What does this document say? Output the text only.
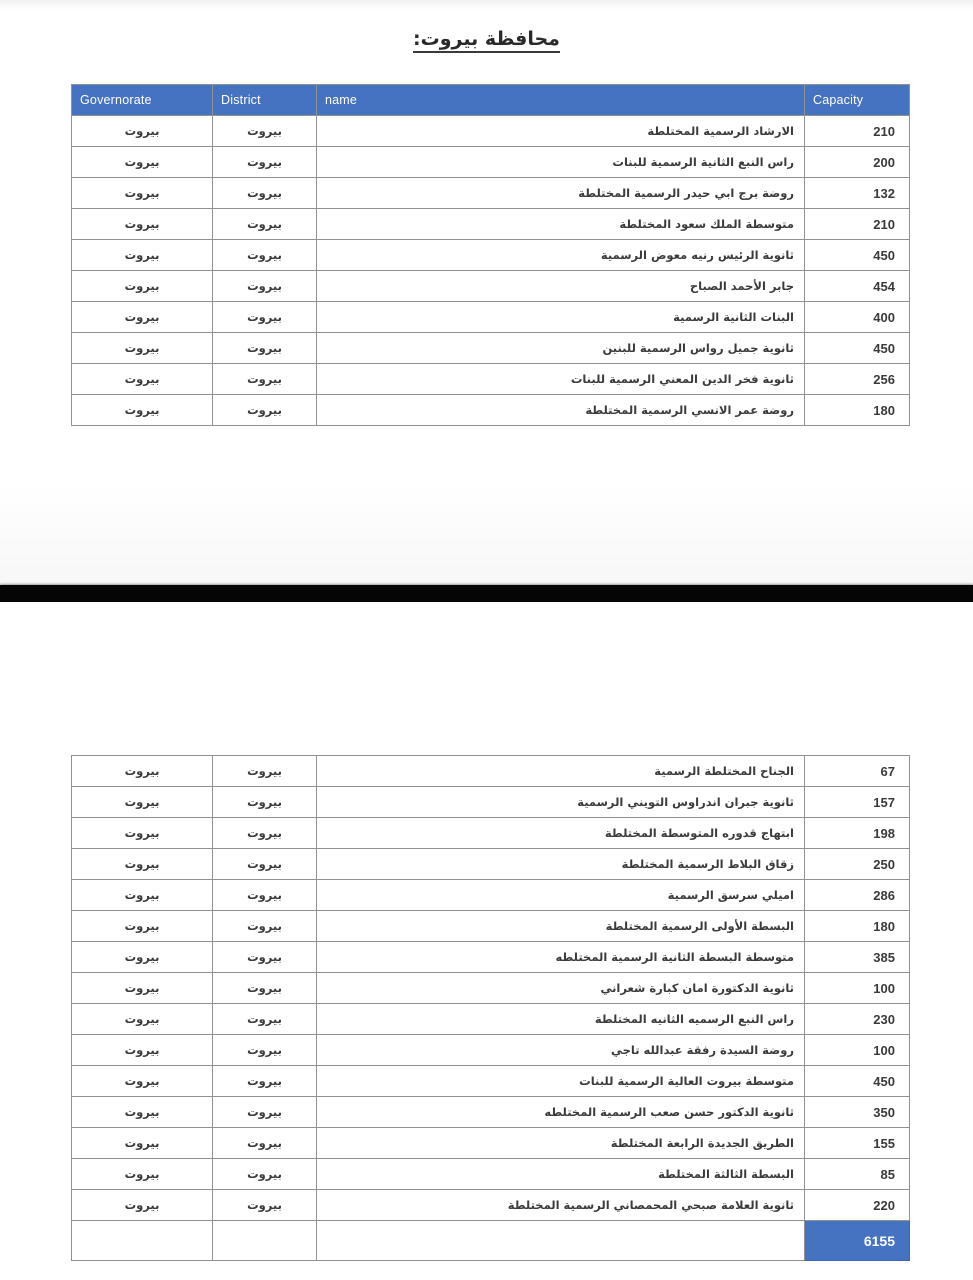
محافظة بيروت:
Governorate	District	name	Capacity
بيروت	بيروت	الارشاد الرسمية المختلطة	210
بيروت	بيروت	راس النبع الثانية الرسمية للبنات	200
بيروت	بيروت	روضة برج ابي حيدر الرسمية المختلطة	132
بيروت	بيروت	متوسطة الملك سعود المختلطة	210
بيروت	بيروت	ثانوية الرئيس رنيه معوض الرسمية	450
بيروت	بيروت	جابر الأحمد الصباح	454
بيروت	بيروت	البنات الثانية الرسمية	400
بيروت	بيروت	ثانوية جميل رواس الرسمية للبنين	450
بيروت	بيروت	ثانوية فخر الدين المعني الرسمية للبنات	256
بيروت	بيروت	روضة عمر الانسي الرسمية المختلطة	180
بيروت	بيروت	الجناح المختلطة الرسمية	67
بيروت	بيروت	ثانوية جبران اندراوس التويني الرسمية	157
بيروت	بيروت	ابتهاج قدوره المتوسطة المختلطة	198
بيروت	بيروت	زقاق البلاط الرسمية المختلطة	250
بيروت	بيروت	اميلي سرسق الرسمية	286
بيروت	بيروت	البسطة الأولى الرسمية المختلطة	180
بيروت	بيروت	متوسطة البسطة الثانية الرسمية المختلطه	385
بيروت	بيروت	ثانوية الدكتورة امان كبارة شعراني	100
بيروت	بيروت	راس النبع الرسميه الثانيه المختلطة	230
بيروت	بيروت	روضة السيدة رفقة عبدالله تاجي	100
بيروت	بيروت	متوسطة بيروت العالية الرسمية للبنات	450
بيروت	بيروت	ثانوية الدكتور حسن صعب الرسمية المختلطه	350
بيروت	بيروت	الطريق الجديدة الرابعة المختلطة	155
بيروت	بيروت	البسطة الثالثة المختلطة	85
بيروت	بيروت	ثانوية العلامة صبحي المحمصاني الرسمية المختلطة	220
			6155
